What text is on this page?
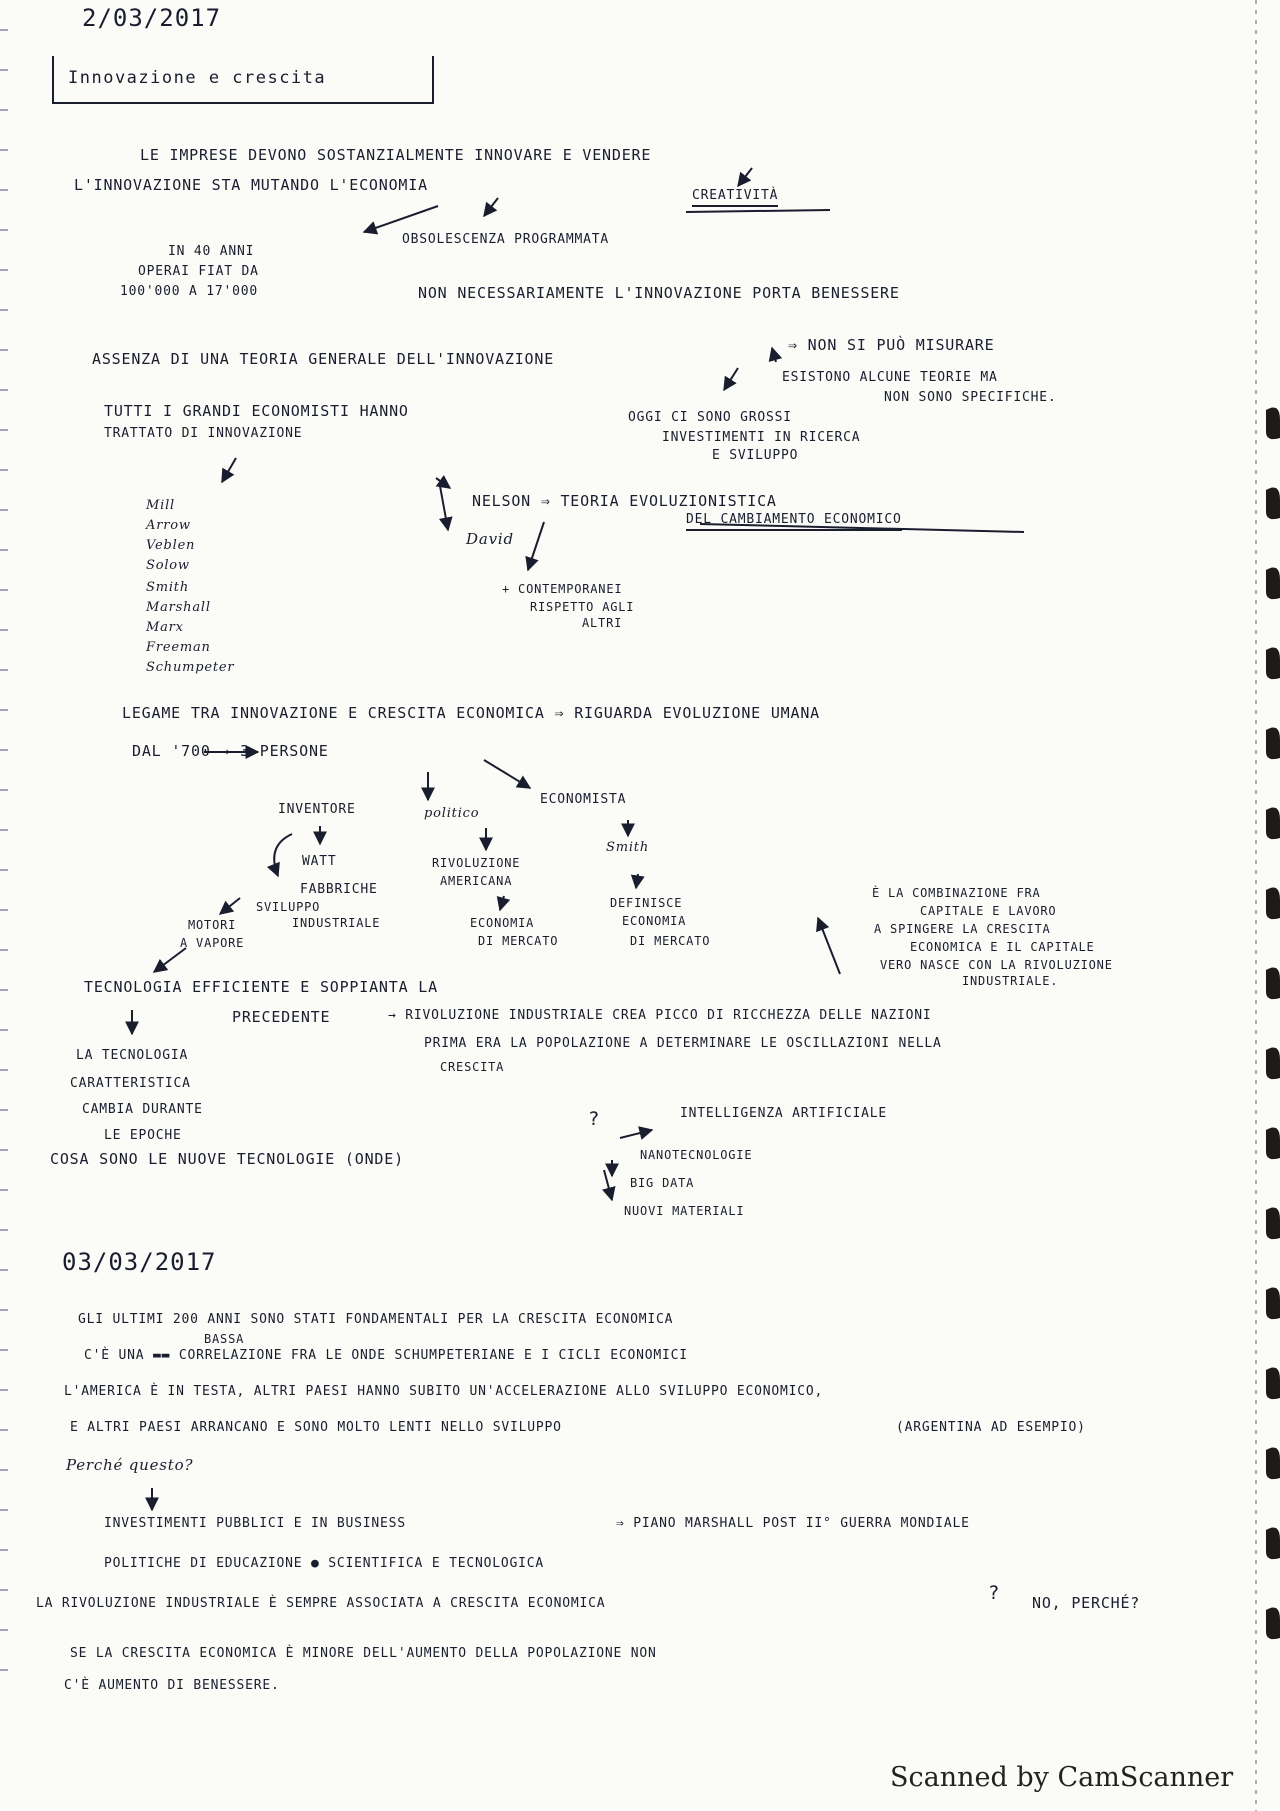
2/03/2017
Innovazione e crescita
LE IMPRESE DEVONO SOSTANZIALMENTE INNOVARE E VENDERE
CREATIVITÀ
L'INNOVAZIONE STA MUTANDO L'ECONOMIA
IN 40 ANNI
OPERAI FIAT DA
100'000 A 17'000
OBSOLESCENZA PROGRAMMATA
NON NECESSARIAMENTE L'INNOVAZIONE PORTA BENESSERE
ASSENZA DI UNA TEORIA GENERALE DELL'INNOVAZIONE
⇒ NON SI PUÒ MISURARE
ESISTONO ALCUNE TEORIE MA
NON SONO SPECIFICHE.
TUTTI I GRANDI ECONOMISTI HANNO
TRATTATO DI INNOVAZIONE
OGGI CI SONO GROSSI
INVESTIMENTI IN RICERCA
E SVILUPPO
Mill
Arrow
Veblen
Solow
Smith
Marshall
Marx
Freeman
Schumpeter
NELSON ⇒ TEORIA EVOLUZIONISTICA
DEL CAMBIAMENTO ECONOMICO
David
+ CONTEMPORANEI
RISPETTO AGLI
ALTRI
LEGAME TRA INNOVAZIONE E CRESCITA ECONOMICA ⇒ RIGUARDA EVOLUZIONE UMANA
DAL '700 → 3 PERSONE
INVENTORE	politico
ECONOMISTA
WATT
FABBRICHE
SVILUPPO
INDUSTRIALE
RIVOLUZIONE
AMERICANA
Smith
MOTORI
A VAPORE
ECONOMIA
DI MERCATO
DEFINISCE
ECONOMIA
DI MERCATO
È LA COMBINAZIONE FRA
CAPITALE E LAVORO
A SPINGERE LA CRESCITA
ECONOMICA E IL CAPITALE
VERO NASCE CON LA RIVOLUZIONE
INDUSTRIALE.
TECNOLOGIA EFFICIENTE E SOPPIANTA LA
PRECEDENTE	→ RIVOLUZIONE INDUSTRIALE CREA PICCO DI RICCHEZZA DELLE NAZIONI
PRIMA ERA LA POPOLAZIONE A DETERMINARE LE OSCILLAZIONI NELLA
CRESCITA
LA TECNOLOGIA
CARATTERISTICA
CAMBIA DURANTE
LE EPOCHE
COSA SONO LE NUOVE TECNOLOGIE (ONDE)
?	INTELLIGENZA ARTIFICIALE
NANOTECNOLOGIE
BIG DATA
NUOVI MATERIALI
03/03/2017
GLI ULTIMI 200 ANNI SONO STATI FONDAMENTALI PER LA CRESCITA ECONOMICA
BASSA
C'È UNA ▬▬ CORRELAZIONE FRA LE ONDE SCHUMPETERIANE E I CICLI ECONOMICI
L'AMERICA È IN TESTA, ALTRI PAESI HANNO SUBITO UN'ACCELERAZIONE ALLO SVILUPPO ECONOMICO,
E ALTRI PAESI ARRANCANO E SONO MOLTO LENTI NELLO SVILUPPO	(ARGENTINA AD ESEMPIO)
Perché questo?
INVESTIMENTI PUBBLICI E IN BUSINESS	⇒ PIANO MARSHALL POST II° GUERRA MONDIALE
POLITICHE DI EDUCAZIONE ● SCIENTIFICA E TECNOLOGICA
LA RIVOLUZIONE INDUSTRIALE È SEMPRE ASSOCIATA A CRESCITA ECONOMICA	? NO, PERCHÉ?
SE LA CRESCITA ECONOMICA È MINORE DELL'AUMENTO DELLA POPOLAZIONE NON
C'È AUMENTO DI BENESSERE.
Scanned by CamScanner
